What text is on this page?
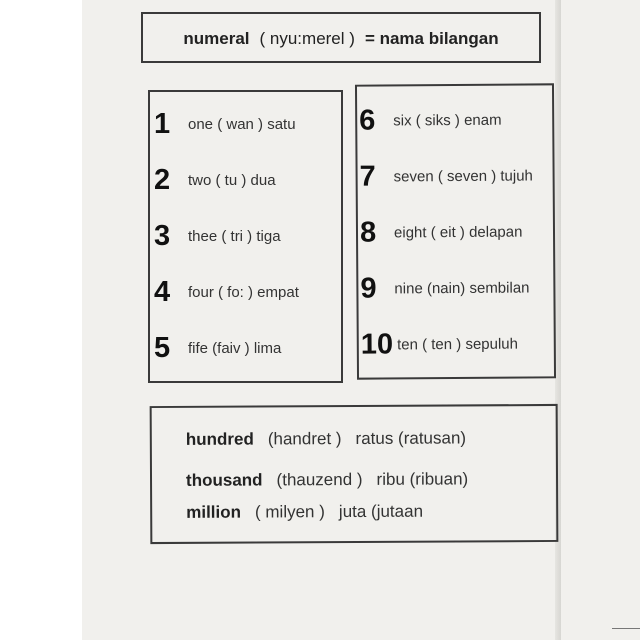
numeral ( nyu:merel ) = nama bilangan
1	one ( wan ) satu
2	two ( tu ) dua
3	thee ( tri ) tiga
4	four ( fo: ) empat
5	fife (faiv ) lima
6	six ( siks ) enam
7	seven ( seven ) tujuh
8	eight ( eit ) delapan
9	nine (nain) sembilan
10 ten ( ten ) sepuluh
hundred (handret ) ratus (ratusan)
thousand (thauzend ) ribu (ribuan)
million ( milyen ) juta (jutaan
